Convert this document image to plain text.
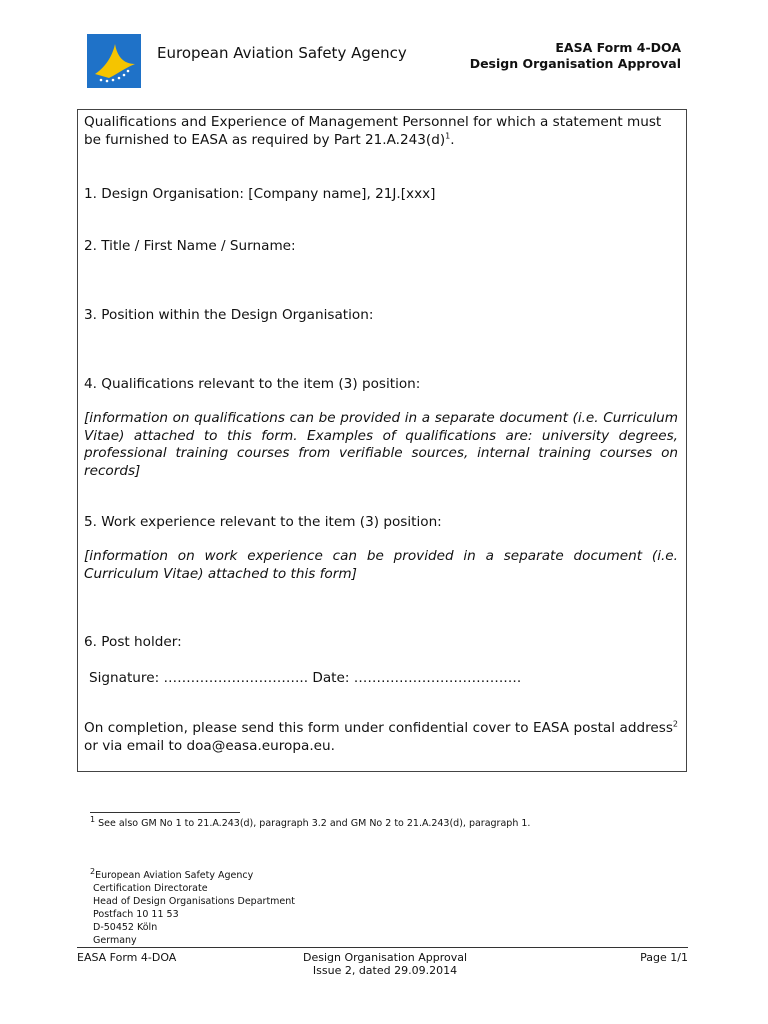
European Aviation Safety Agency	EASA Form 4-DOA
Design Organisation Approval
Qualifications and Experience of Management Personnel for which a statement must be furnished to EASA as required by Part $21.A.243(d)^1$.
1. Design Organisation: [Company name], 21J.[xxx]
2. Title / First Name / Surname:
3. Position within the Design Organisation:
4. Qualifications relevant to the item (3) position:
[information on qualifications can be provided in a separate document (i.e. Curriculum Vitae) attached to this form. Examples of qualifications are: university degrees, professional training courses from verifiable sources, internal training courses on records]
5. Work experience relevant to the item (3) position:
[information on work experience can be provided in a separate document (i.e. Curriculum Vitae) attached to this form]
6. Post holder:
Signature: ………………………….. Date: ……………………………….
On completion, please send this form under confidential cover to EASA postal address$^2$ or via email to doa@easa.europa.eu.
$^1$ See also GM No 1 to 21.A.243(d), paragraph 3.2 and GM No 2 to 21.A.243(d), paragraph 1.
$^2$European Aviation Safety Agency
Certification Directorate
Head of Design Organisations Department
Postfach 10 11 53
D-50452 Köln
Germany
EASA Form 4-DOA	Design Organisation Approval
Issue 2, dated 29.09.2014
Page 1/1
